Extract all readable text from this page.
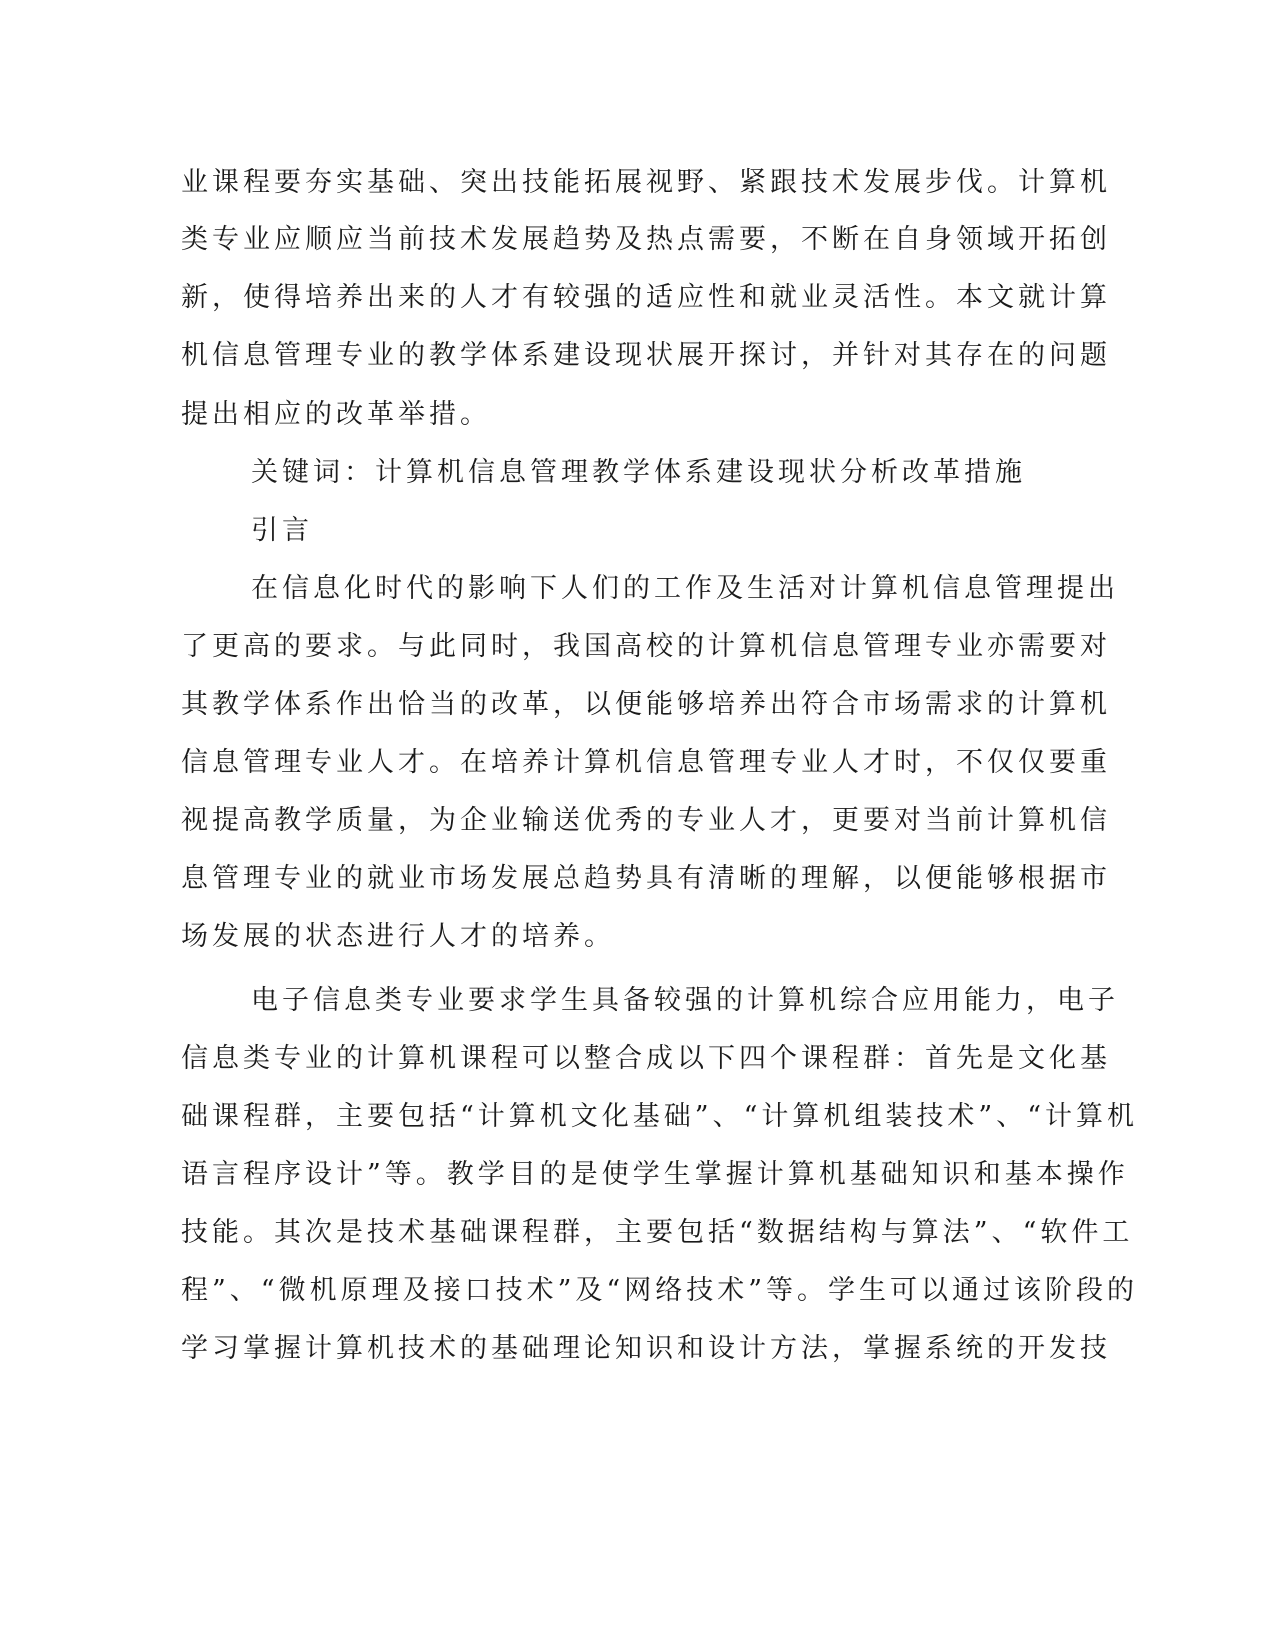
业课程要夯实基础、突出技能拓展视野、紧跟技术发展步伐。计算机

类专业应顺应当前技术发展趋势及热点需要，不断在自身领域开拓创

新，使得培养出来的人才有较强的适应性和就业灵活性。本文就计算

机信息管理专业的教学体系建设现状展开探讨，并针对其存在的问题

提出相应的改革举措。

关键词：计算机信息管理教学体系建设现状分析改革措施

引言

在信息化时代的影响下人们的工作及生活对计算机信息管理提出

了更高的要求。与此同时，我国高校的计算机信息管理专业亦需要对

其教学体系作出恰当的改革，以便能够培养出符合市场需求的计算机

信息管理专业人才。在培养计算机信息管理专业人才时，不仅仅要重

视提高教学质量，为企业输送优秀的专业人才，更要对当前计算机信

息管理专业的就业市场发展总趋势具有清晰的理解，以便能够根据市

场发展的状态进行人才的培养。

电子信息类专业要求学生具备较强的计算机综合应用能力，电子

信息类专业的计算机课程可以整合成以下四个课程群：首先是文化基

础课程群，主要包括“计算机文化基础”、“计算机组装技术”、“计算机

语言程序设计”等。教学目的是使学生掌握计算机基础知识和基本操作

技能。其次是技术基础课程群，主要包括“数据结构与算法”、“软件工

程”、“微机原理及接口技术”及“网络技术”等。学生可以通过该阶段的

学习掌握计算机技术的基础理论知识和设计方法，掌握系统的开发技
